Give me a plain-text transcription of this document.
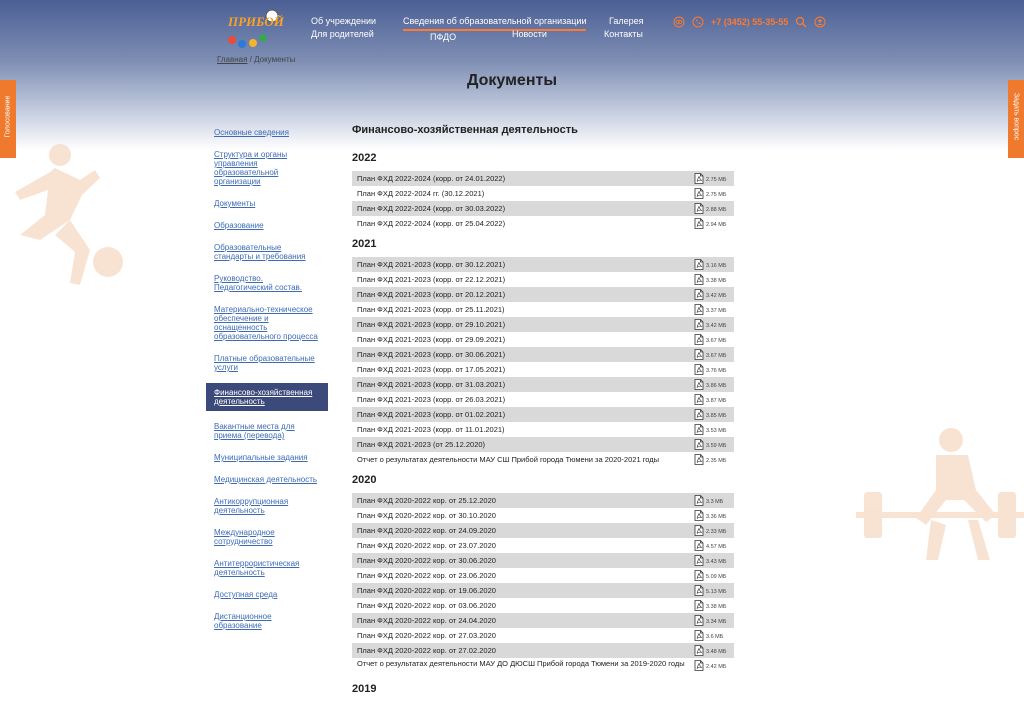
ПРИБОЙ	Об учреждении
Для родителей
Сведения об образовательной организации
ПФДО	Новости
Галерея
Контакты
+7 (3452) 55-35-55
Главная / Документы
Документы
Голосование	Задать вопрос
Основные сведения
Структура и органы управления образовательной организации
Документы
Образование
Образовательные стандарты и требования
Руководство. Педагогический состав.
Материально-техническое обеспечение и оснащенность образовательного процесса
Платные образовательные услуги
Финансово-хозяйственная деятельность
Вакантные места для приема (перевода)
Муниципальные задания
Медицинская деятельность
Антикоррупционная деятельность
Международное сотрудничество
Антитеррористическая деятельность
Доступная среда
Дистанционное образование
Финансово-хозяйственная деятельность
2022
План ФХД 2022-2024 (корр. от 24.01.2022)	2.75 МБ
План ФХД 2022-2024 гг. (30.12.2021)	2.75 МБ
План ФХД 2022-2024 (корр. от 30.03.2022)	2.88 МБ
План ФХД 2022-2024 (корр. от 25.04.2022)	2.94 МБ
2021
План ФХД 2021-2023 (корр. от 30.12.2021)	3.16 МБ
План ФХД 2021-2023 (корр. от 22.12.2021)	3.38 МБ
План ФХД 2021-2023 (корр. от 20.12.2021)	3.42 МБ
План ФХД 2021-2023 (корр. от 25.11.2021)	3.37 МБ
План ФХД 2021-2023 (корр. от 29.10.2021)	3.42 МБ
План ФХД 2021-2023 (корр. от 29.09.2021)	3.67 МБ
План ФХД 2021-2023 (корр. от 30.06.2021)	3.67 МБ
План ФХД 2021-2023 (корр. от 17.05.2021)	3.76 МБ
План ФХД 2021-2023 (корр. от 31.03.2021)	3.86 МБ
План ФХД 2021-2023 (корр. от 26.03.2021)	3.87 МБ
План ФХД 2021-2023 (корр. от 01.02.2021)	3.85 МБ
План ФХД 2021-2023 (корр. от 11.01.2021)	3.53 МБ
План ФХД 2021-2023 (от 25.12.2020)	3.59 МБ
Отчет о результатах деятельности МАУ СШ Прибой города Тюмени за 2020-2021 годы	2.35 МБ
2020
План ФХД 2020-2022 кор. от 25.12.2020	3.3 МБ
План ФХД 2020-2022 кор. от 30.10.2020	3.36 МБ
План ФХД 2020-2022 кор. от 24.09.2020	2.33 МБ
План ФХД 2020-2022 кор. от 23.07.2020	4.57 МБ
План ФХД 2020-2022 кор. от 30.06.2020	3.43 МБ
План ФХД 2020-2022 кор. от 23.06.2020	5.09 МБ
План ФХД 2020-2022 кор. от 19.06.2020	5.13 МБ
План ФХД 2020-2022 кор. от 03.06.2020	3.38 МБ
План ФХД 2020-2022 кор. от 24.04.2020	3.34 МБ
План ФХД 2020-2022 кор. от 27.03.2020	3.6 МБ
План ФХД 2020-2022 кор. от 27.02.2020	3.48 МБ
Отчет о результатах деятельности МАУ ДО ДЮСШ Прибой города Тюмени за 2019-2020 годы	2.42 МБ
2019
